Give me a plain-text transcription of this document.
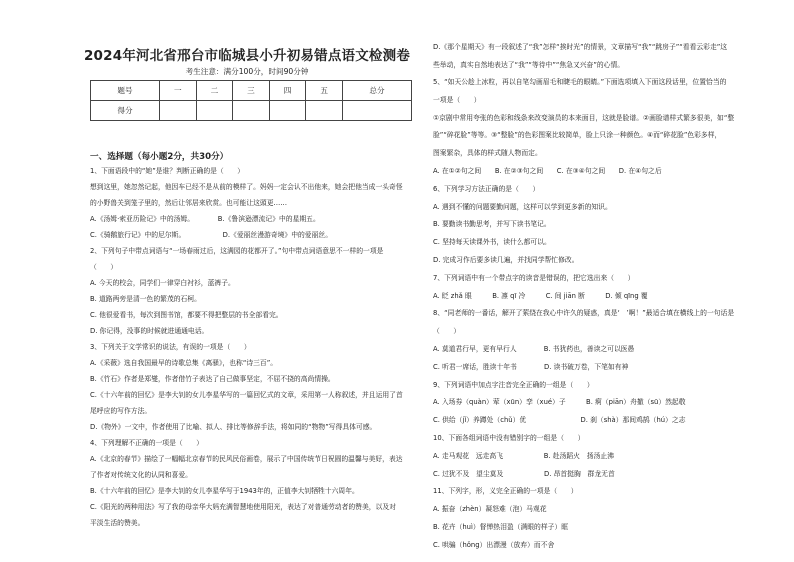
2024年河北省邢台市临城县小升初易错点语文检测卷
考生注意：满分100分，时间90分钟
题号	一	二	三	四	五	总分
得分						
一、选择题（每小题2分，共30分）
1、下面语段中的“她”是谁？判断正确的是（　　）
想到这里，她忽然记起，他因车已经不是从前的模样了。妈妈一定会认不出他来，她会把他当成一头奇怪
的小野兽关到笼子里的，然后让邻居来欣赏。也可能让这頭更……
A.《汤姆·索亚历险记》中的汤姆。　　　　B.《鲁滨逊漂流记》中的星期五。
C.《骑鹅旅行记》中的尼尔斯。　　　　　　D.《爱丽丝漫游奇境》中的爱丽丝。
2、下列句子中带点词语与“一场春雨过后，这满园的花都开了。”句中带点词语意思不一样的一项是
（　　）
A. 今天的校会，同学们一律穿白衬衫，蓝裤子。
B. 道路两旁是清一色的繁茂的石柯。
C. 他很爱看书，每次到图书馆，都要不得把整层的书全部看完。
D. 你记得，没事的时候就进通通电话。
3、下列关于文学常识的说法，有误的一项是（　　）
A.《采薇》选自我国最早的诗歌总集《离骚》，也称“诗三百”。
B.《竹石》作者是郑燮，作者借竹子表达了自己做事坚定，不屈不挠的高尚情操。
C.《十六年前的回忆》是李大钊的女儿李星华写的一篇回忆式的文章，采用第一人称叙述，并且运用了首
尾呼应的写作方法。
D.《物外》一文中，作者使用了比喻、拟人、排比等修辞手法，将如同的“物物”写得具体可感。
4、下列理解不正确的一项是（　　）
A.《北京的春节》描绘了一幅幅北京春节的民风民俗画卷，展示了中国传统节日祝圆的温馨与美好，表达
了作者对传统文化的认同和喜爱。
B.《十六年前的回忆》是李大钊的女儿李星华写于1943年的，正值李大钊牺牲十六周年。
C.《阳光的两种用法》写了我的母亲华大妈充满智慧地使用阳光，表达了对普通劳动者的赞美，以及对
平淡生活的赞美。
D.《那个星期天》有一段叙述了“我”怎样“挨时光”的情景，文章描写“我”“跳房子”“看看云彩走”这
些举动，真实自然地表达了“我”“等待中”“焦急又兴奋”的心情。
5、“如天公趁上冰粒，再以自笔勾画眉毛和睫毛的眼睛。”下面选项填入下面这段话里，位置恰当的
一项是（　　）
①京剧中常用夸张的色彩和线条来改变演员的本来面目，这就是脸谱。②画脸谱样式繁多很美，如“整
脸”“碎花脸”等等。③“整脸”的色彩图案比较简单，脸上只涂一种颜色。④而“碎花脸”色彩多样，
图案繁杂，具体的样式随人物而定。
A. 在①②句之间　　B. 在②③句之间　　C. 在③④句之间　　D. 在④句之后
6、下列学习方法正确的是（　　）
A. 遇到不懂的问题要勤问题，这样可以学到更多新的知识。
B. 要勤读书勤思考，并写下读书笔记。
C. 坚持每天读课外书，读什么都可以。
D. 完成习作后要多读几遍，并找同学帮忙修改。
7、下列词语中有一个带点字的读音是错误的，把它选出来（　　）
A. 眨 zhǎ 眼　　　B. 凛 qī 冷　　　C. 间 jiān 断　　　D. 倾 qīng 覆
8、“同老师的一番话，解开了萦绕在我心中许久的疑惑，真是‘　’啊！”最适合填在横线上的一句话是
（　　）
A. 莫道君行早，更有早行人　　　　B. 书犹药也，善读之可以医愚
C. 听君一席话，胜读十年书　　　　D. 读书破万卷，下笔如有神
9、下列词语中加点字注音完全正确的一组是（　　）
A. 入场券（quàn）荤（xūn）孪（xué）子　　　B. 痾（piān）舟撤（sū）然起敬
C. 供给（jǐ）养蹲处（chǔ）优　　　　　　　　D. 刹（shà）那间鸡鹄（hú）之志
10、下面各组词语中没有错别字的一组是（　　）
A. 走马观花　远走高飞　　　　　　B. 赴汤蹈火　扬汤止沸
C. 过犹不及　望尘莫及　　　　　　D. 昂首挺胸　群龙无首
11、下列字，形，义完全正确的一项是（　　）
A. 振奋（zhèn）凝怒难（泡）马观花
B. 花卉（huì）督惮热泪盈（满眼的样子）眶
C. 哄骗（hǒng）出漂漫（放弃）而不舍
